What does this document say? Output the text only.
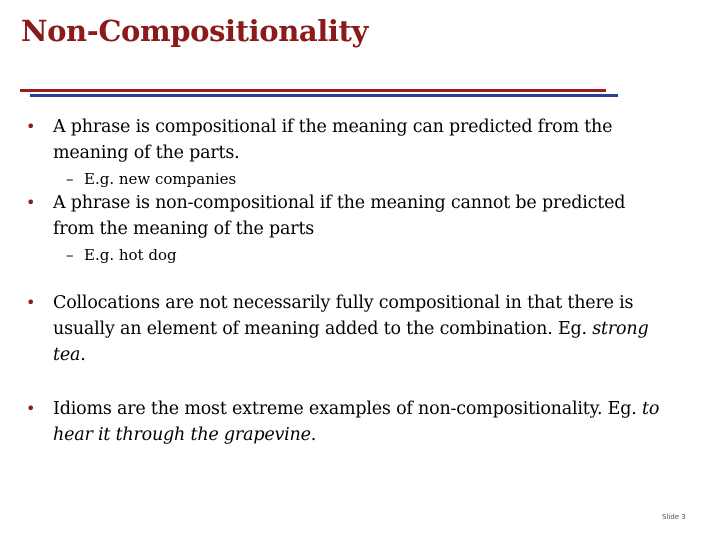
Non-Compositionality
• A phrase is compositional if the meaning can predicted from the meaning of the parts.
– E.g. new companies
• A phrase is non-compositional if the meaning cannot be predicted from the meaning of the parts
– E.g. hot dog
• Collocations are not necessarily fully compositional in that there is usually an element of meaning added to the combination. Eg. strong tea.
• Idioms are the most extreme examples of non-compositionality. Eg. to hear it through the grapevine.
Slide 3
